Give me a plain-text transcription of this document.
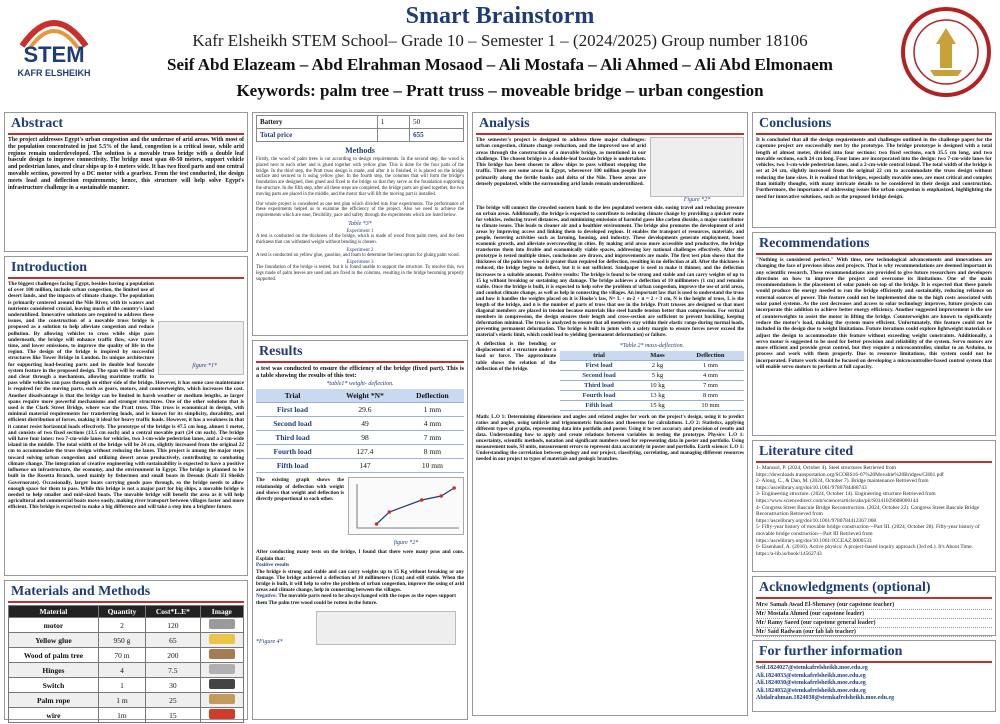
STEM
KAFR ELSHEIKH
Smart Brainstorm
Kafr Elsheikh STEM School– Grade 10 – Semester 1 – (2024/2025) Group number 18106
Seif Abd Elazeam – Abd Elrahman Mosaod – Ali Mostafa – Ali Ahmed – Ali Abd Elmonaem
Keywords: palm tree – Pratt truss – moveable bridge – urban congestion
Abstract
The project addresses Egypt's urban congestion and the underuse of arid areas. With most of the population concentrated in just 5.5% of the land, congestion is a critical issue, while arid regions remain underdeveloped. The solution is a movable truss bridge with a double leaf bascule design to improve connectivity. The bridge must span 40-50 meters, support vehicle and pedestrian lanes, and clear ships up to 4 meters wide. It has two fixed parts and one central movable section, powered by a DC motor with a gearbox. From the test conducted, the design meets load and deflection requirements; hence, this structure will help solve Egypt's infrastructure challenge in a sustainable manner.
Introduction
The biggest challenges facing Egypt, besides having a population of over 100 million, include urban congestion, the limited use of desert lands, and the impacts of climate change. The population is primarily centered around the Nile River, with its waters and nutrients considered crucial, leaving much of the country's land underutilized. Innovative solutions are required to address these issues, and the construction of a movable truss bridge is proposed as a solution to help alleviate congestion and reduce pollution. By allowing vehicles to cross while ships pass underneath, the bridge will enhance traffic flow, save travel time, and lower emissions, to improve the quality of life in the region. The design of the bridge is inspired by successful structures like Tower Bridge in London. Its unique architecture for supporting load-bearing parts and its double leaf bascule system feature in the proposed design. The span will be enabled and clear through a mechanism, allowing maritime traffic to pass while vehicles can pass through on either side of the bridge. However, it has some case maintenance is required for the moving parts, such as gears, motors, and counterweights, which increases the cost. Another disadvantage is that the bridge can be limited in harsh weather or medium lengths, as larger spans require more powerful mechanisms and stronger structures. One of the other solutions that is used is the Clark Street Bridge, where was the Pratt truss. This truss is economical in design, with minimal material requirements for transferring loads, and is known for its simplicity, durability, and efficient distribution of forces, making it ideal for heavy traffic loads. However, it has a weakness in that it cannot resist horizontal loads effectively. The prototype of the bridge is 47.5 cm long, almost 1 meter, and consists of two fixed sections (13.5 cm each) and a central movable part (24 cm each). The bridge will have four lanes: two 7-cm-wide lanes for vehicles, two 3-cm-wide pedestrian lanes, and a 2-cm-wide island in the middle. The total width of the bridge will be 24 cm, slightly increased from the original 22 cm to accommodate the truss design without reducing the lanes. This project is among the major steps toward solving urban congestion and utilizing desert areas productively, contributing to combating climate change. The integration of creative engineering with sustainability is expected to have a positive influence on infrastructure, the economy, and the environment in Egypt. The bridge is planned to be built in the Rosetta Branch, used mainly by fishermen and small boats in Desouk (Kafr El Sheikh Governorate). Occasionally, larger boats carrying goods pass through, so the bridge needs to allow enough space for them to pass. While this bridge is not a major part for big ships, a movable bridge is needed to help smaller and mid-sized boats. The movable bridge will benefit the area as it will help agricultural and commercial boats move easily, making river transport between villages faster and more efficient. This bridge is expected to make a big difference and will take a step into a brighter future.
figure *1*
Materials and Methods
Material	Quantity	Cost*L.E*	Image
motor	2	120	
Yellow glue	950 g	65	
Wood of palm tree	70 m	200	
Hinges	4	7.5	
Switch	1	30	
Palm rope	1 m	25	
wire	1m	15	
Battery	1	50
Total price		655
Methods
Firstly, the wood of palm trees is cut according to design requirements. In the second step, the wood is placed next to each other and is glued together with yellow glue. This is done for the four parts of the bridge. In the third step, the Pratt truss design is made, and after it is finished, it is placed on the bridge surface and secured to it using yellow glue. In the fourth step, the columns that will form the bridge's foundation are designed, then glued and fixed to the bridge so that they serve as the foundation supporting the structure. In the fifth step, after all these steps are completed, the bridge parts are glued together, the two moving parts are placed in the middle, and the motor that will lift the moving part is installed.
Our whole project is considered as one test plan which divided into four experiments. The performance of these experiments helped us to examine the efficiency of the project. Also we need to achieve the requirements which are ease, flexibility, pace and safety through the experiments which are listed below.
Table *3*
Experiment 1
A test is conducted on the thickness of the bridge, which is made of wood from palm trees, and the best thickness that can withstand weight without bending is chosen.
Experiment 2
A test is conducted on yellow glue, gasoline, and foam to determine the best option for gluing palm wood.
Experiment 3
The foundation of the bridge is tested, but it is found unable to support the structure. To resolve this, two legs made of palm leaves are used and are fixed to the columns, resulting in the bridge becoming properly supported.
Results
a test was conducted to ensure the efficiency of the bridge (fixed part). This is a table showing the results of this test:
*table1* weight- deflection.
Trial	Weight *N*	Deflection
First load	29.6	1 mm
Second load	49	4 mm
Third load	98	7 mm
Fourth load	127.4	8 mm
Fifth load	147	10 mm
The existing graph shows the relationship of deflection with weight and shows that weight and deflection is directly proportional to each other.
figure *2*
After conducting many tests on the bridge, I found that there were many pros and cons. Explain that:
Positive results
The bridge is strong and stable and can carry weights up to 15 Kg without breaking or any damage. The bridge achieved a deflection of 10 millimeters (1cm) and still stable. When the bridge is built, it will help to solve the problem of urban congestion, improve the using of arid areas and climate change, help in connecting between the villages.
Negative: The movable parts need to be always hanged with the ropes as the ropes support them The palm tree wood could be rotten in the future.
*Figure 4*
Analysis
The semester's project is designed to address three major challenges: urban congestion, climate change reduction, and the improved use of arid areas through the construction of a movable bridge, as mentioned in our challenge. The chosen bridge is a double-leaf bascule bridge is undertaken. This bridge has been chosen to allow ships to pass without stopping the traffic. There are some areas in Egypt, whereover 100 million people live primarily along the fertile banks and delta of the Nile. These areas are densely populated, while the surrounding arid lands remain underutilized.
Figure *2*
The bridge will connect the crowded eastern bank to the less populated western side, easing travel and reducing pressure on urban areas. Additionally, the bridge is expected to contribute to reducing climate change by providing a quicker route for vehicles, reducing travel distances, and minimizing emissions of harmful gases like carbon dioxide, a major contributor to climate issues. This leads to cleaner air and a healthier environment. The bridge also promotes the development of arid areas by improving access and linking them to developed regions. It enables the transport of resources, materials, and people, fostering activities such as farming, housing, and industry. These developments generate employment, boost economic growth, and alleviate overcrowding in cities. By making arid areas more accessible and productive, the bridge transforms them into livable and economically viable spaces, addressing key national challenges effectively. After the prototype is tested multiple times, conclusions are drawn, and improvements are made. The first test plan shows that the thickness of the palm tree wood is greater than required for deflection, resulting in no deflection at all. After the thickness is reduced, the bridge begins to deflect, but it is not sufficient. Sandpaper is used to make it thinner, and the deflection increases to a suitable amount. Positive results: The bridge is found to be strong and stable and can carry weights of up to 15 kg without breaking or sustaining any damage. The bridge achieves a deflection of 10 millimeters (1 cm) and remains stable. Once the bridge is built, it is expected to help solve the problem of urban congestion, improve the use of arid areas, and combat climate change, as well as help in connecting the villages. An important law that is used to understand the truss and how it handles the weights placed on it is Hooke's law, N= L + m-2 + n = 2 + 3 cm, N is the height of truss, L is the length of the bridge, and n is the number of parts of truss that use in the bridge. Pratt trusses are designed so that most diagonal members are placed in tension because materials like steel handle tension better than compression. For vertical members in compression, the design ensures their length and cross-section are sufficient to prevent buckling, keeping deformation minimal. The truss is analyzed to ensure that all members stay within their elastic range during normal loads, preventing permanent deformation. The bridge is built in joints with a safety margin to ensure forces never exceed the material's elastic limit, which could lead to yielding (permanent deformation) or failure.
A deflection is the bending or displacement of a structure under a load or force. The approximate table shows the relation of the deflection of the bridge.
*Table 2* mass-deflection.
trial	Mass	Deflection
First load	2 kg	1 mm
Second load	5 kg	4 mm
Third load	10 kg	7 mm
Fourth load	13 kg	8 mm
Fifth load	15 kg	10 mm
Math: L.O 1: Determining dimensions and angles and related angles for work on the project's design, using it to predict ratios and angles, using unitircle and trigonometric functions and theorems for calculations. L.O 2: Statistics, applying different types of graphs, representing data into portfolio and poster. Using it to test accuracy and precision of results and data. Understanding how to apply and create relations between variables in testing the prototype. Physics: L.O 1: uncertainty, scientific methods, notation and significant numbers used for representing data in poster and portfolio. Using measurement tools, SI units, measurement errors to represent data accurately in poster and portfolio. Earth science: L.O 1: Understanding the correlation between geology and our project, classifying, correlating, and managing different resources needed in our project to types of materials and geologic branches.
Conclusions
It is concluded that all the design requirements and challenges outlined in the challenge paper for the capstone project are successfully met by the prototype. The bridge prototype is designed with a total length of almost meter, divided into four sections: two fixed sections, each 35.5 cm long, and two movable sections, each 24 cm long. Four lanes are incorporated into the design: two 7-cm-wide lanes for vehicles, two 3-cm-wide pedestrian lanes, and a 2-cm-wide central island. The total width of the bridge is set at 24 cm, slightly increased from the original 22 cm to accommodate the truss design without reducing the lane sizes. It is realized that bridges, especially movable ones, are most critical and complex than initially thought, with many intricate details to be considered in their design and construction. Furthermore, the importance of addressing issues like urban congestion is emphasized, highlighting the need for innovative solutions, such as the proposed bridge design.
Recommendations
"Nothing is considered perfect." With time, new technological advancements and innovations are changing the face of previous ideas and projects. That is why recommendations are deemed important in any scientific research. These recommendations are provided to give future researchers and developers directions on how to improve the project and overcome its limitations. One of the main recommendations is the placement of solar panels on top of the bridge. It is expected that these panels would produce the energy needed to run the bridge efficiently and sustainably, reducing reliance on external sources of power. This feature could not be implemented due to the high costs associated with solar panel systems. As the cost decreases and access to solar technology improves, future projects can incorporate this addition to achieve better energy efficiency. Another suggested improvement is the use of counterweights to assist the motor in lifting the bridge. Counterweights are known to significantly reduce the motor's load, making the system more efficient. Unfortunately, this feature could not be included in the design due to weight limitations. Future iterations could explore lightweight materials or adjust the design to accommodate this feature without exceeding weight constraints. Additionally, a servo motor is suggested to be used for better precision and reliability of the system. Servo motors are more efficient and provide great control, but they require a microcontroller, similar to an Arduino, to process and work with them properly. Due to resource limitations, this system could not be incorporated. Future work should be focused on developing a microcontroller-based control system that will enable servo motors to perform at full capacity.
Literature cited
1- Mansuri, P. (2024, October 4). Steel structures Retrieved from
https://downloads.transportation.org/SCOBS16-07%20Movable%20Bridges/CH01.pdf
2- Along, C., & Dan, M. (2024, October 7). Bridge maintenance Retrieved from
https://ascelibrary.org/doi/10.1061/9780784488743
3- Engineering structure. (2024, October 14). Engineering structure Retrieved from
https://www.sciencedirect.com/science/article/abs/pii/S0141029608000144
4- Congress Street Bascule Bridge Reconstruction. (2024, October 22). Congress Street Bascule Bridge Reconstruction Retrieved from
https://ascelibrary.org/doi/10.1061/9780784412367.068
5- Fifty-year history of movable bridge construction—Part III. (2024, October 28). Fifty-year history of movable bridge construction—Part III Retrieved from
https://ascelibrary.org/doi/10.1061/JCCEAZ.0000533
6- Eisenhauf, A. (2016). Active physics: A project-based inquiry approach (3rd ed.). It's About Time. https://a-lib.io/book/14562743
Acknowledgments (optional)
Mrs/ Samah Awad El-Shenawy (our capstone teacher)
Mr/ Mostafa Ahmed (our capstone leader)
Mr/ Ramy Saeed (our capstone general leader)
Mr/ Said Radwan (our fab lab teacher)
For further information
Seif.1824027@stemkafrelsheikh.moe.edu.eg
Ali.1824033@stemkafrelsheikh.moe.edu.eg
Ali.1824030@stemkafrelsheikh.moe.edu.eg
Ali.1824032@stemkafrelsheikh.moe.edu.eg
Abdalrahman.1824038@stemkafrelsheikh.moe.edu.eg
